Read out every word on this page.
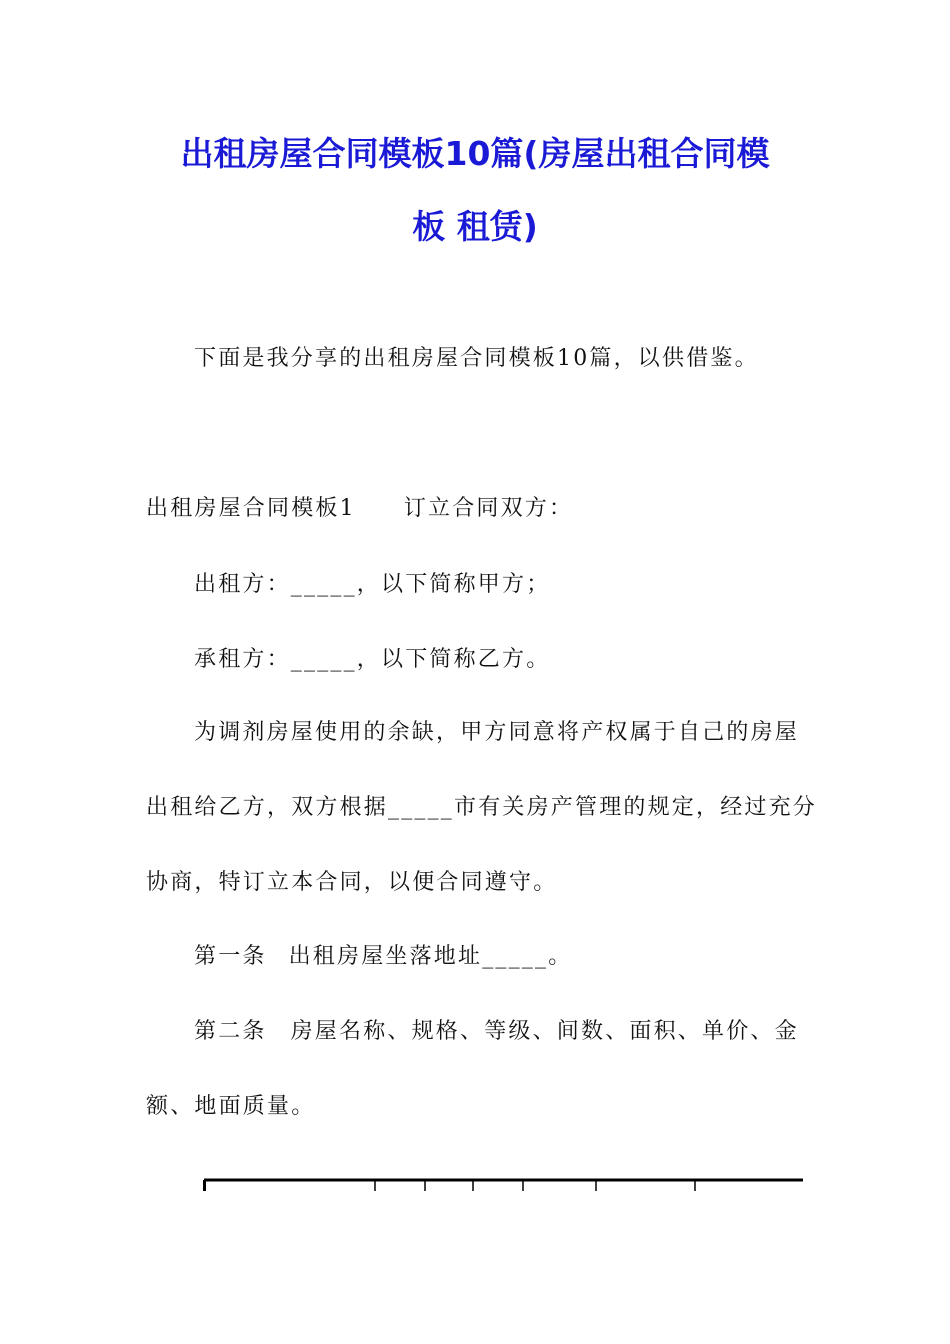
出租房屋合同模板10篇(房屋出租合同模
板 租赁)
下面是我分享的出租房屋合同模板10篇，以供借鉴。
出租房屋合同模板1 订立合同双方：
出租方：_____，以下简称甲方；
承租方：_____，以下简称乙方。
为调剂房屋使用的余缺，甲方同意将产权属于自己的房屋
出租给乙方，双方根据_____市有关房产管理的规定，经过充分
协商，特订立本合同，以便合同遵守。
第一条 出租房屋坐落地址_____。
第二条 房屋名称、规格、等级、间数、面积、单价、金
额、地面质量。
